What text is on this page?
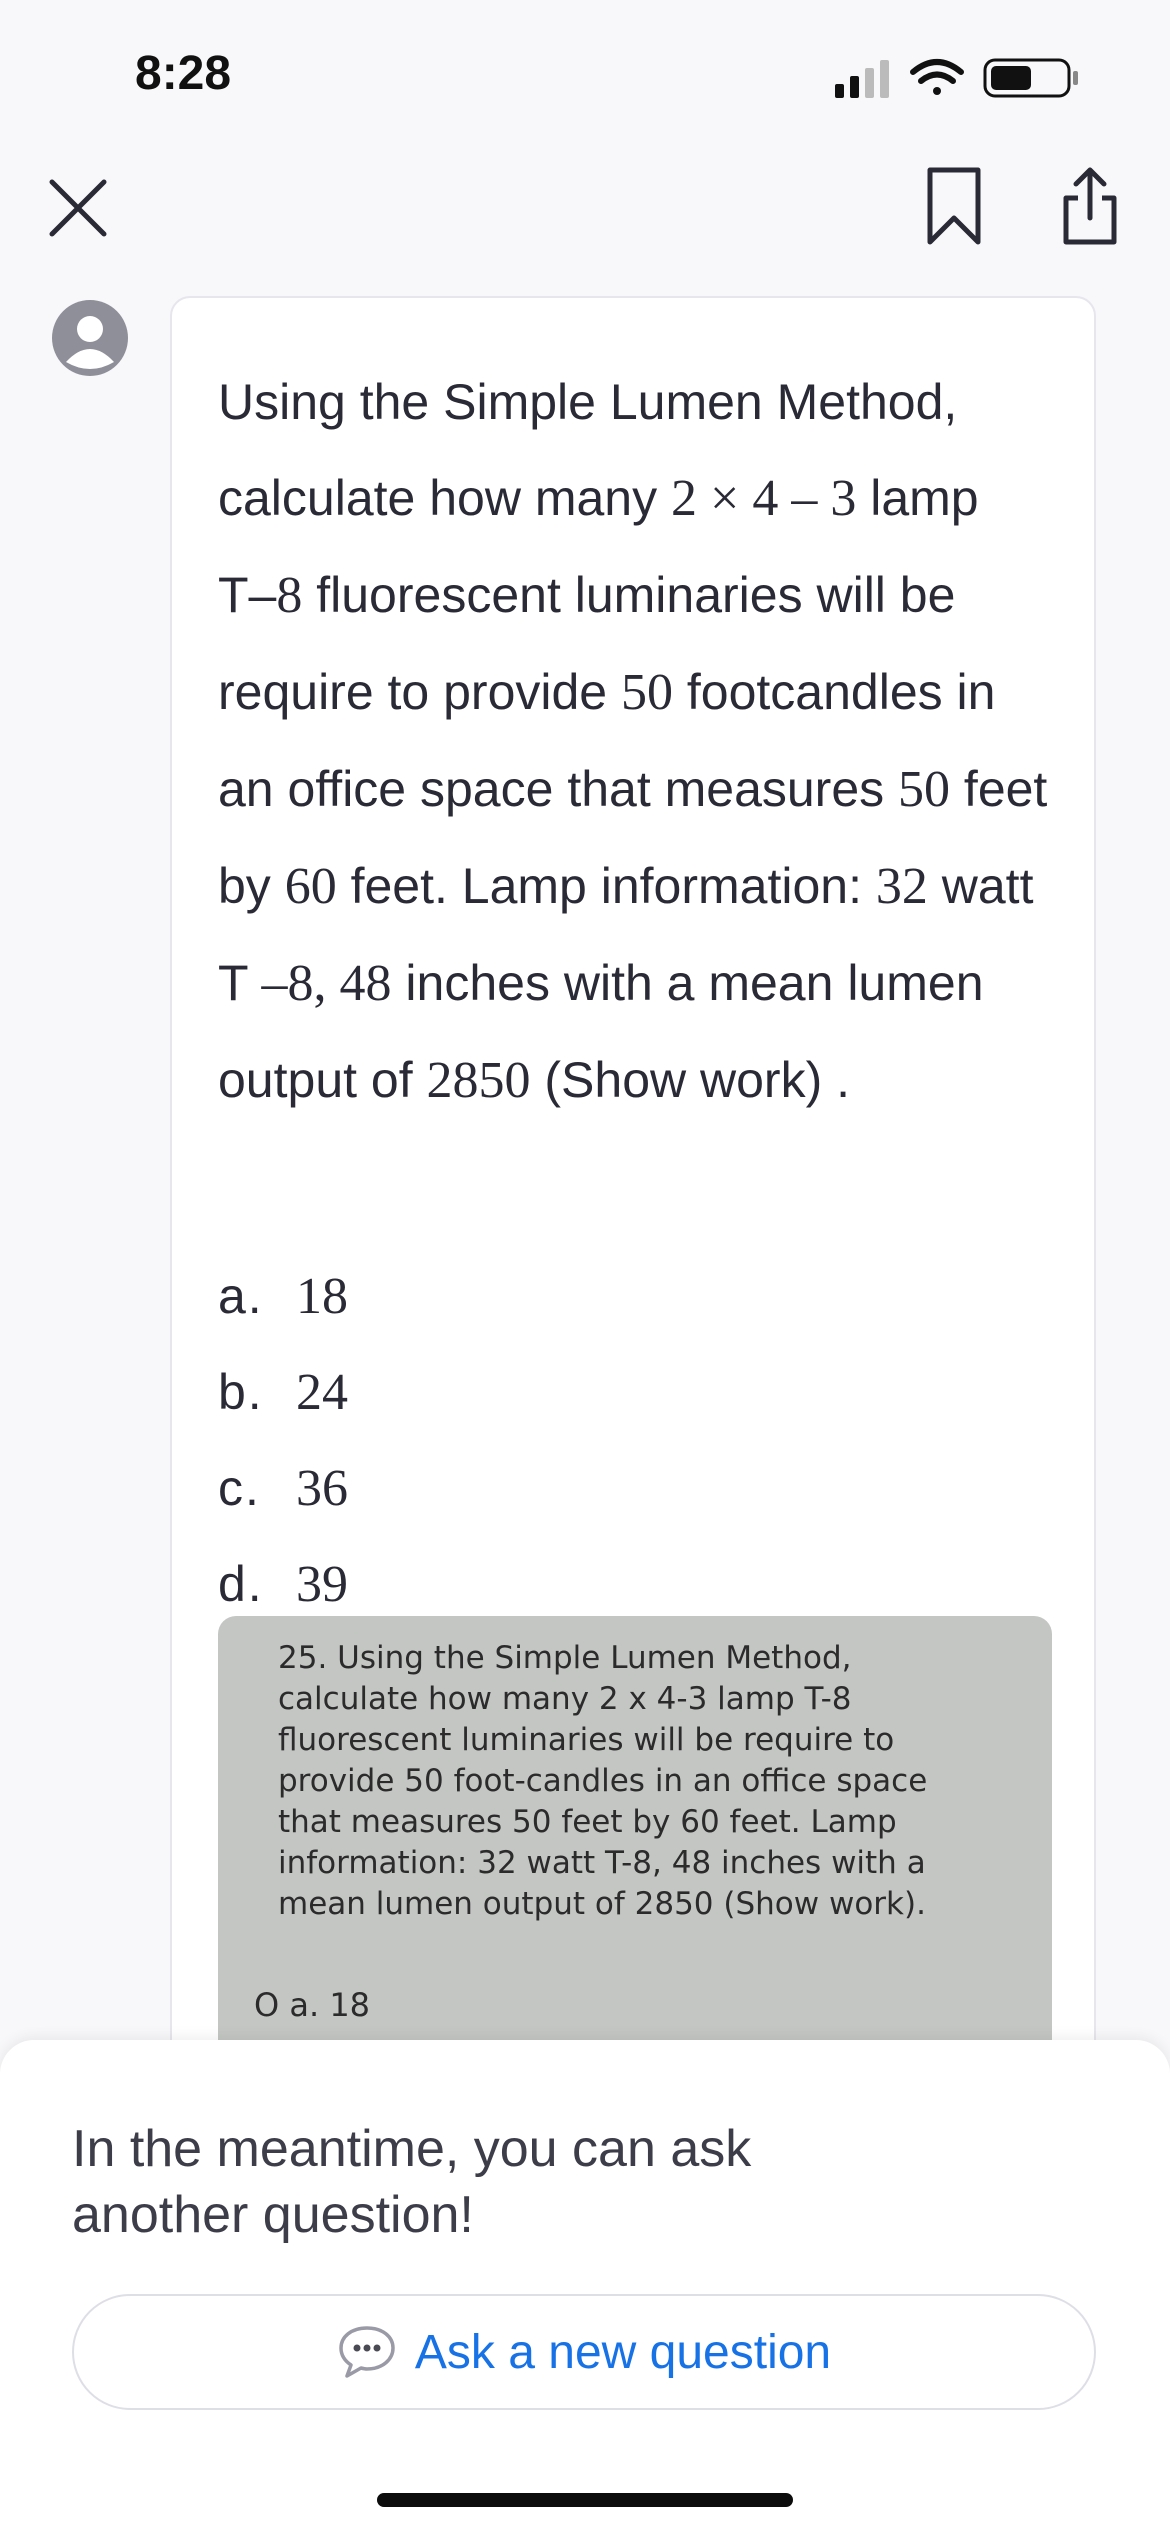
8:28
Using the Simple Lumen Method, calculate how many 2 × 4 – 3 lamp T–8 fluorescent luminaries will be require to provide 50 footcandles in an office space that measures 50 feet by 60 feet. Lamp information: 32 watt T –8, 48 inches with a mean lumen output of 2850 (Show work) .
a. 18
b. 24
c. 36
d. 39
25. Using the Simple Lumen Method, calculate how many 2 x 4-3 lamp T-8 fluorescent luminaries will be require to provide 50 foot-candles in an office space that measures 50 feet by 60 feet. Lamp information: 32 watt T-8, 48 inches with a mean lumen output of 2850 (Show work).
O a. 18
In the meantime, you can ask another question!
Ask a new question
